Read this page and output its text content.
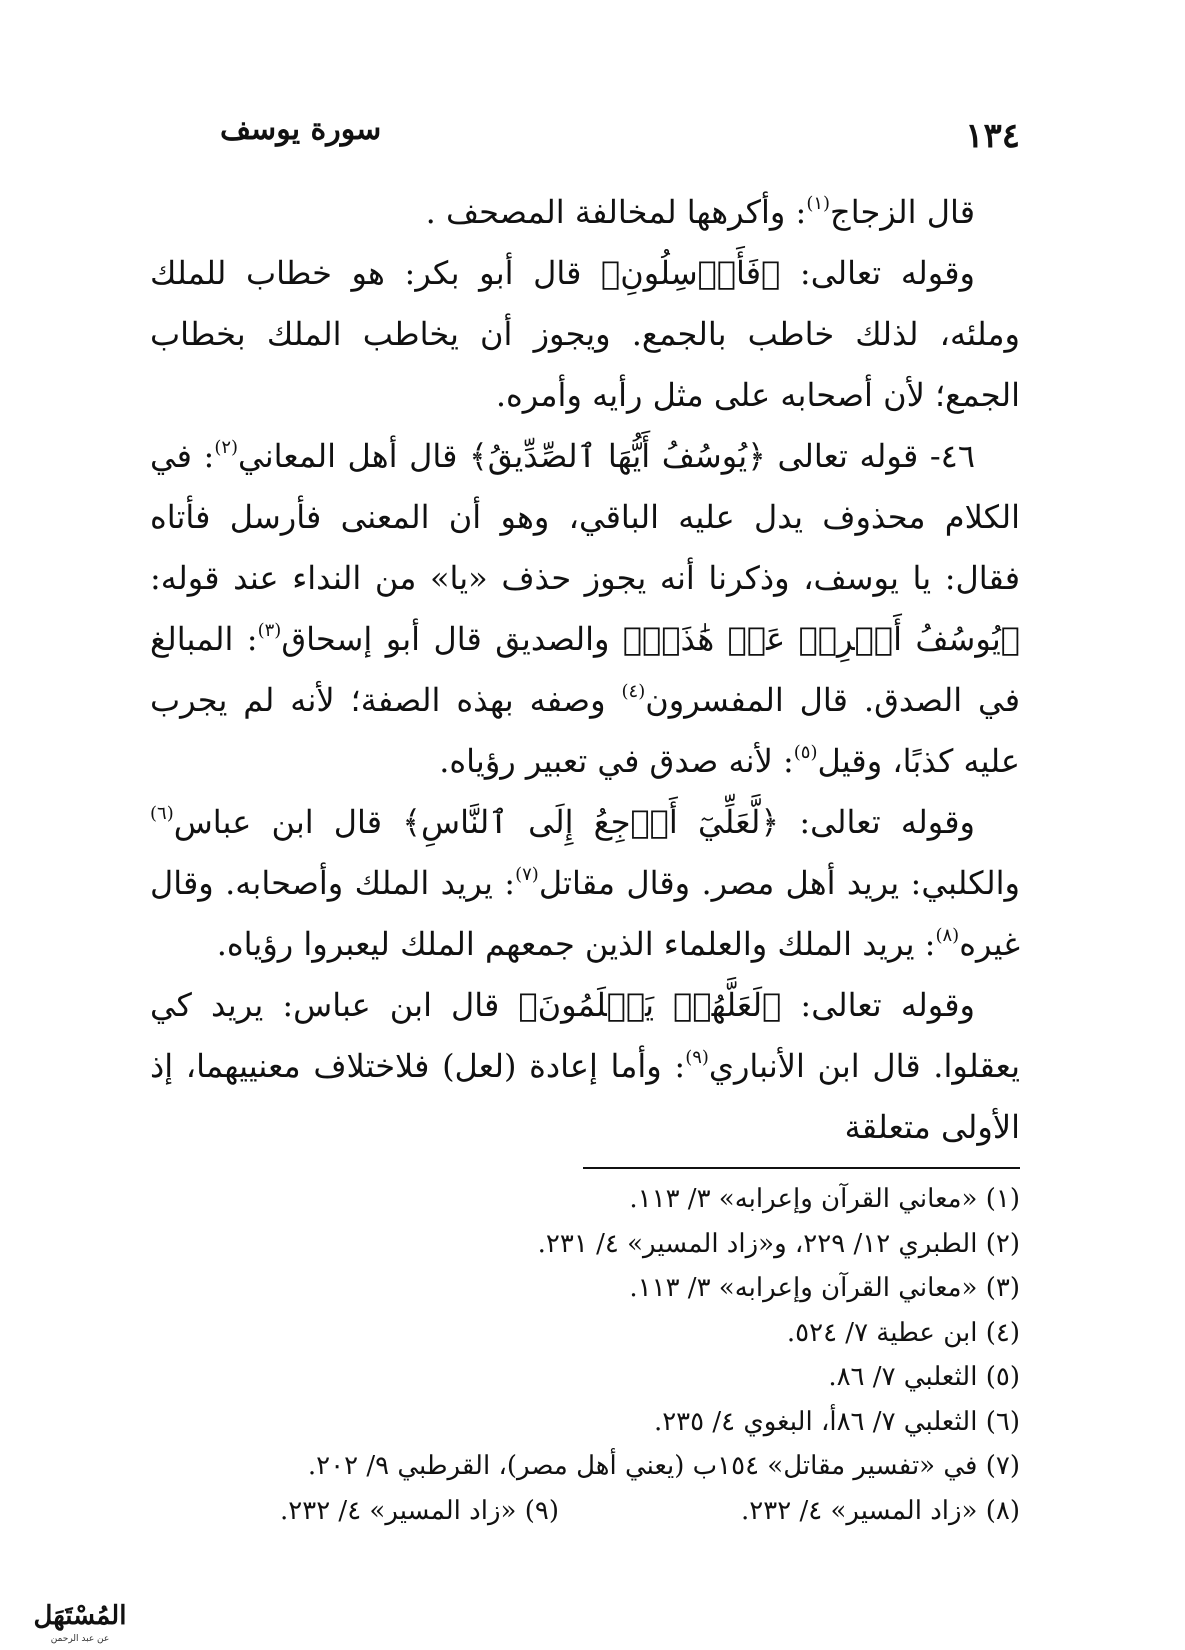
١٣٤
سورة يوسف

قال الزجاج$^{(١)}$: وأكرهها لمخالفة المصحف .

وقوله تعالى: ﴿فَأَرۡسِلُونِ﴾ قال أبو بكر: هو خطاب للملك وملئه، لذلك خاطب بالجمع. ويجوز أن يخاطب الملك بخطاب الجمع؛ لأن أصحابه على مثل رأيه وأمره.

٤٦- قوله تعالى ﴿يُوسُفُ أَيُّهَا ٱلصِّدِّيقُ﴾ قال أهل المعاني$^{(٢)}$: في الكلام محذوف يدل عليه الباقي، وهو أن المعنى فأرسل فأتاه فقال: يا يوسف، وذكرنا أنه يجوز حذف «يا» من النداء عند قوله: ﴿يُوسُفُ أَعۡرِضۡ عَنۡ هَٰذَاۚ﴾ والصديق قال أبو إسحاق$^{(٣)}$: المبالغ في الصدق. قال المفسرون$^{(٤)}$ وصفه بهذه الصفة؛ لأنه لم يجرب عليه كذبًا، وقيل$^{(٥)}$: لأنه صدق في تعبير رؤياه.

وقوله تعالى: ﴿لَّعَلِّيٓ أَرۡجِعُ إِلَى ٱلنَّاسِ﴾ قال ابن عباس$^{(٦)}$ والكلبي: يريد أهل مصر. وقال مقاتل$^{(٧)}$: يريد الملك وأصحابه. وقال غيره$^{(٨)}$: يريد الملك والعلماء الذين جمعهم الملك ليعبروا رؤياه.

وقوله تعالى: ﴿لَعَلَّهُمۡ يَعۡلَمُونَ﴾ قال ابن عباس: يريد كي يعقلوا. قال ابن الأنباري$^{(٩)}$: وأما إعادة (لعل) فلاختلاف معنييهما، إذ الأولى متعلقة

(١) «معاني القرآن وإعرابه» ٣/ ١١٣.
(٢) الطبري ١٢/ ٢٢٩، و«زاد المسير» ٤/ ٢٣١.
(٣) «معاني القرآن وإعرابه» ٣/ ١١٣.
(٤) ابن عطية ٧/ ٥٢٤.
(٥) الثعلبي ٧/ ٨٦.
(٦) الثعلبي ٧/ ٨٦أ، البغوي ٤/ ٢٣٥.
(٧) في «تفسير مقاتل» ١٥٤ب (يعني أهل مصر)، القرطبي ٩/ ٢٠٢.
(٨) «زاد المسير» ٤/ ٢٣٢.
(٩) «زاد المسير» ٤/ ٢٣٢.
المُسْتَهَل
عن عبد الرحمن
